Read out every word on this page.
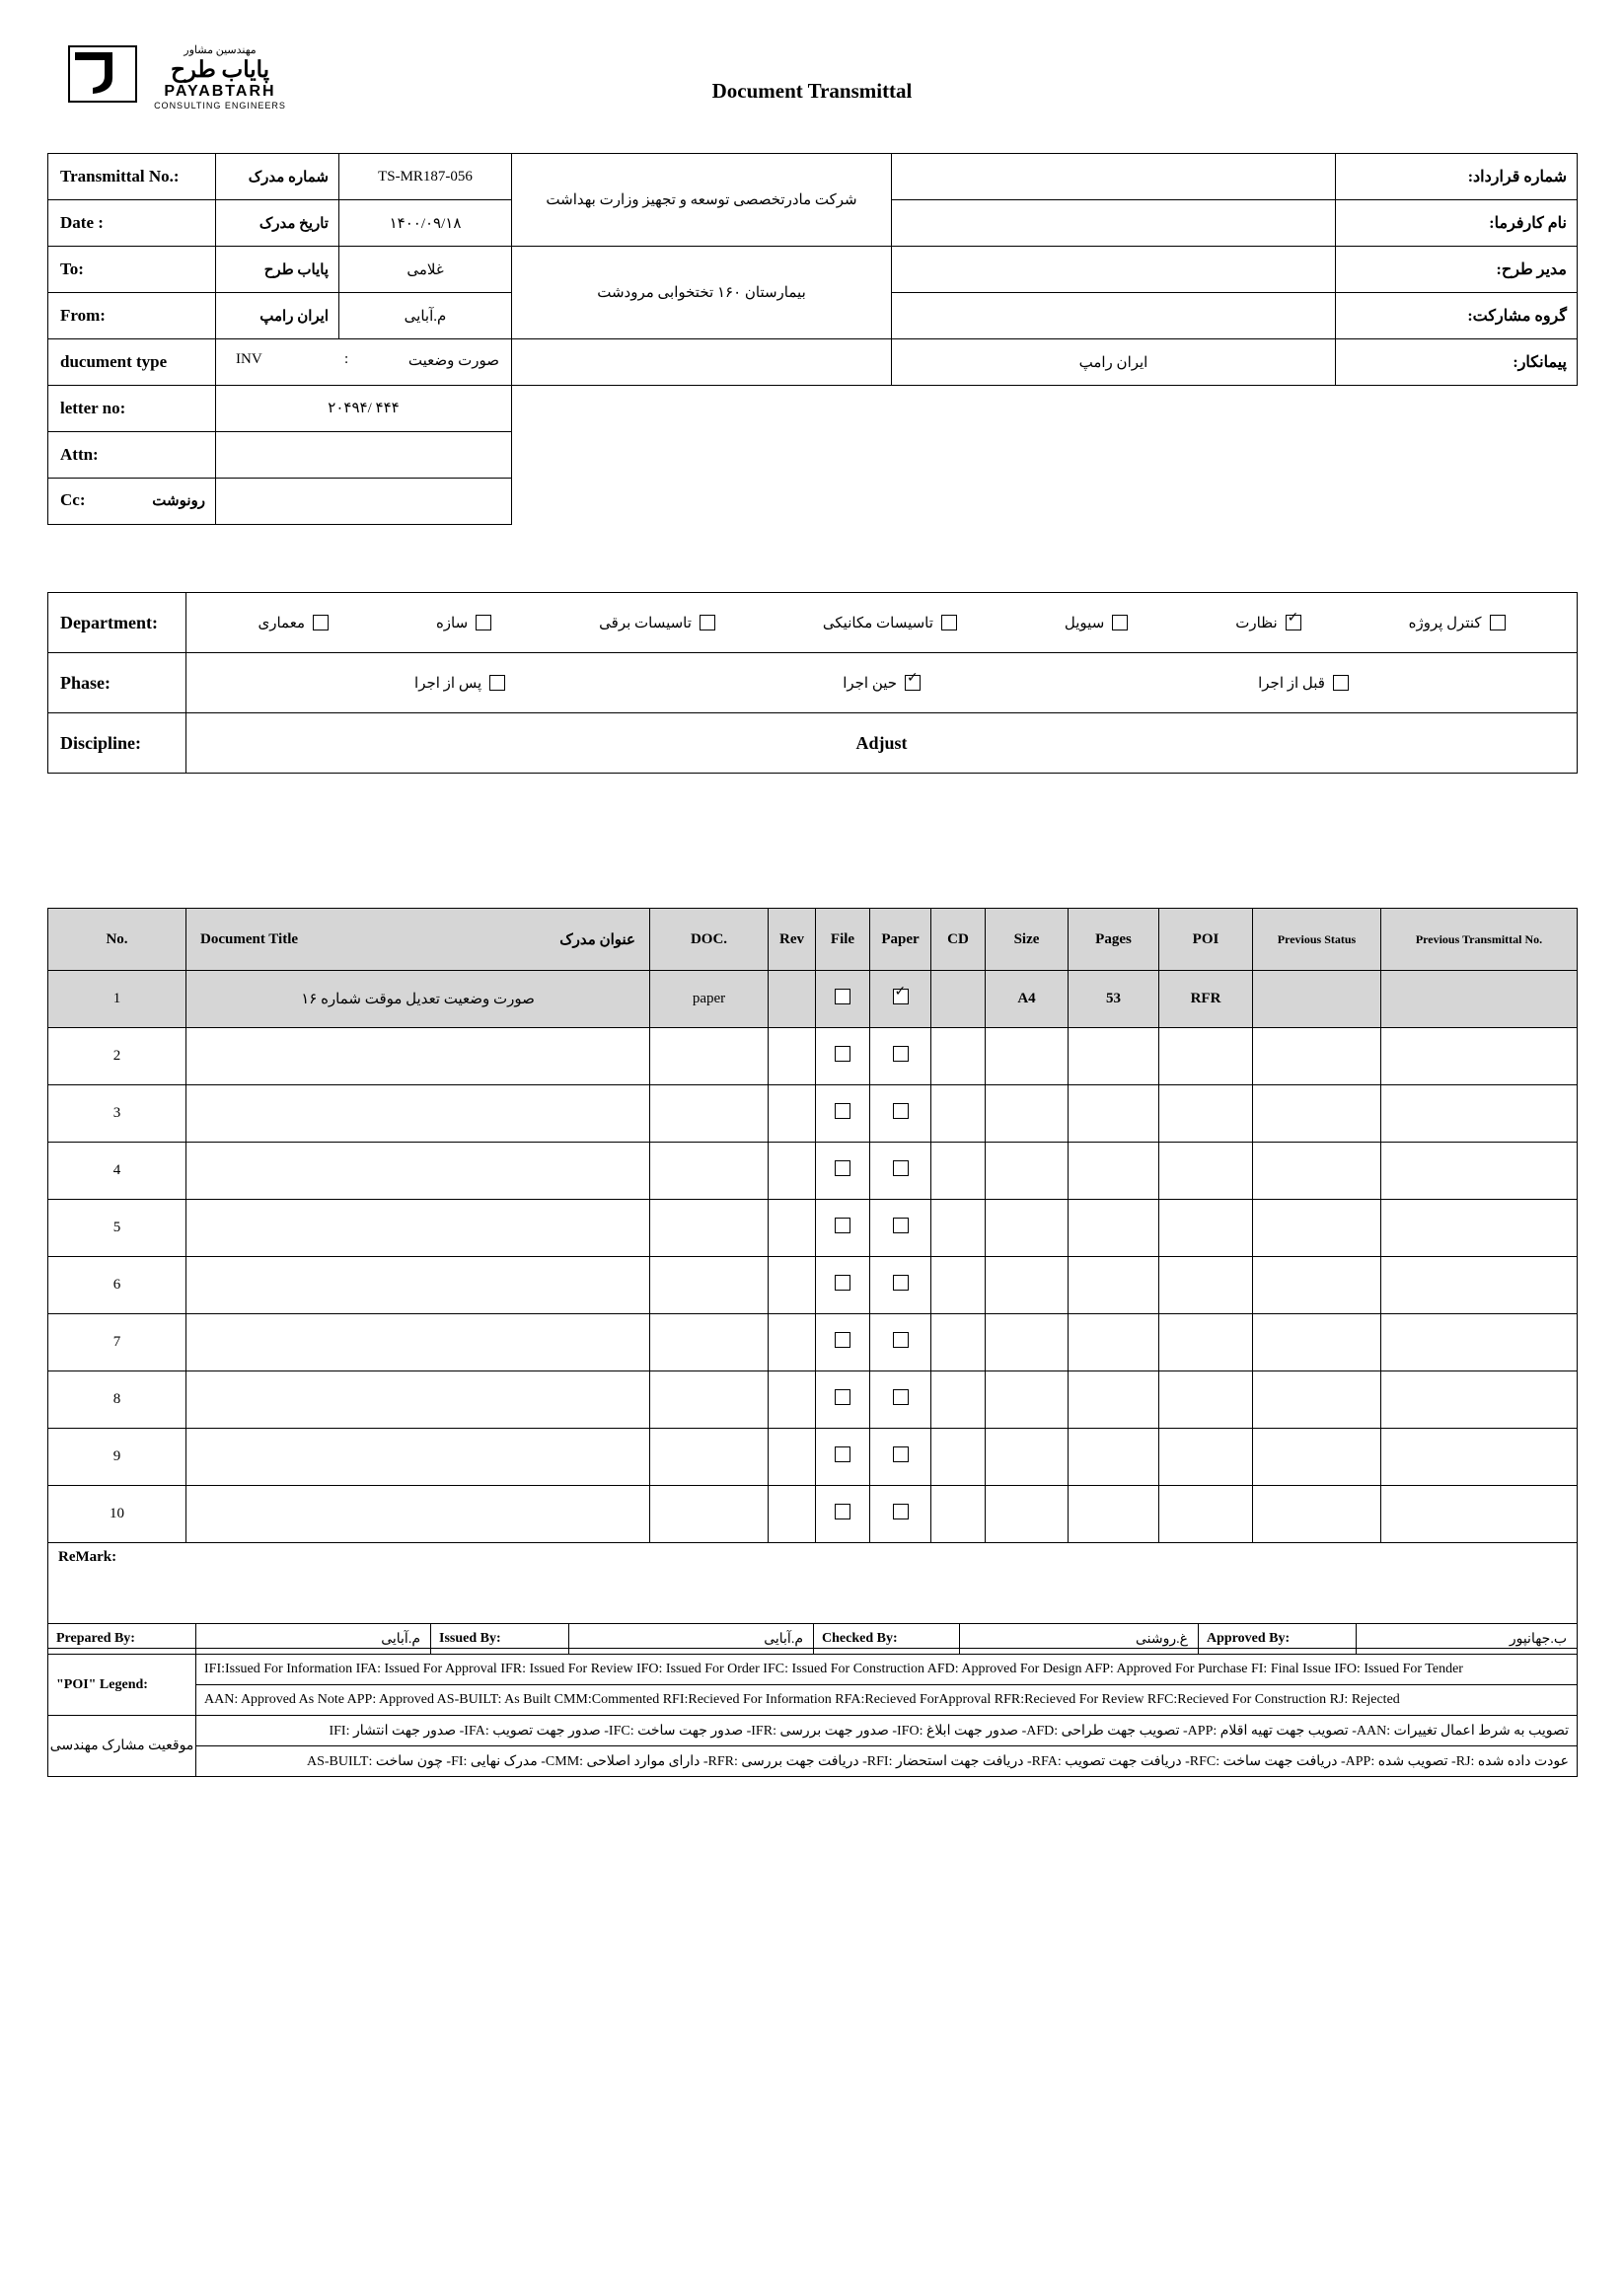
مهندسین مشاور
پایاب طرح
PAYABTARH
CONSULTING ENGINEERS
Document Transmittal
Transmittal No.:	شماره مدرک	TS-MR187-056	شرکت مادرتخصصی توسعه و تجهیز وزارت بهداشت		شماره قرارداد:
Date :	تاریخ مدرک	۱۴۰۰/۰۹/۱۸			نام کارفرما:
To:	پایاب طرح	غلامی	بیمارستان ۱۶۰ تختخوابی مرودشت		مدیر طرح:
From:	ایران رامپ	م.آبایی			گروه مشارکت:
ducument type	INV : صورت وضعیت			ایران رامپ	پیمانکار:
letter no:	۴۴۴ /۲۰۴۹۴				
Attn:					

Cc: رونوشت					

Department:	معماری	سازه	تاسیسات برقی	تاسیسات مکانیکی	سیویل ✓	نظارت	کنترل پروژه

Phase:	پس از اجرا ✓ حین اجرا قبل از اجرا

Discipline:	Adjust
No.	Document Title عنوان مدرک	DOC.	Rev	File	Paper	CD	Size	Pages	POI	Previous Status	Previous Transmittal No.
1	صورت وضعیت تعدیل موقت شماره ۱۶	paper			✓		A4	53	RFR		
2											
3											
4											
5											
6											
7											
8											
9											
10											
ReMark:											
Prepared By:	م.آبایی	Issued By:	م.آبایی	Checked By:	غ.روشنی	Approved By:	ب.جهانپور
"POI" Legend:	IFI:Issued For Information IFA: Issued For Approval IFR: Issued For Review IFO: Issued For Order IFC: Issued For Construction AFD: Approved For Design AFP: Approved For Purchase FI: Final Issue IFO: Issued For Tender						
	AAN: Approved As Note APP: Approved AS-BUILT: As Built CMM:Commented RFI:Recieved For Information RFA:Recieved ForApproval RFR:Recieved For Review RFC:Recieved For Construction RJ: Rejected						
موقعیت مشارک مهندسی	تصویب به شرط اعمال تغییرات :AAN- تصویب جهت تهیه اقلام :APP- تصویب جهت طراحی :AFD- صدور جهت ابلاغ :IFO- صدور جهت بررسی :IFR- صدور جهت ساخت :IFC- صدور جهت تصویب :IFA- صدور جهت انتشار :IFI						
	عودت داده شده :RJ- تصویب شده :APP- دریافت جهت ساخت :RFC- دریافت جهت تصویب :RFA- دریافت جهت استحضار :RFI- دریافت جهت بررسی :RFR- دارای موارد اصلاحی :CMM- مدرک نهایی :FI- چون ساخت :AS-BUILT						
